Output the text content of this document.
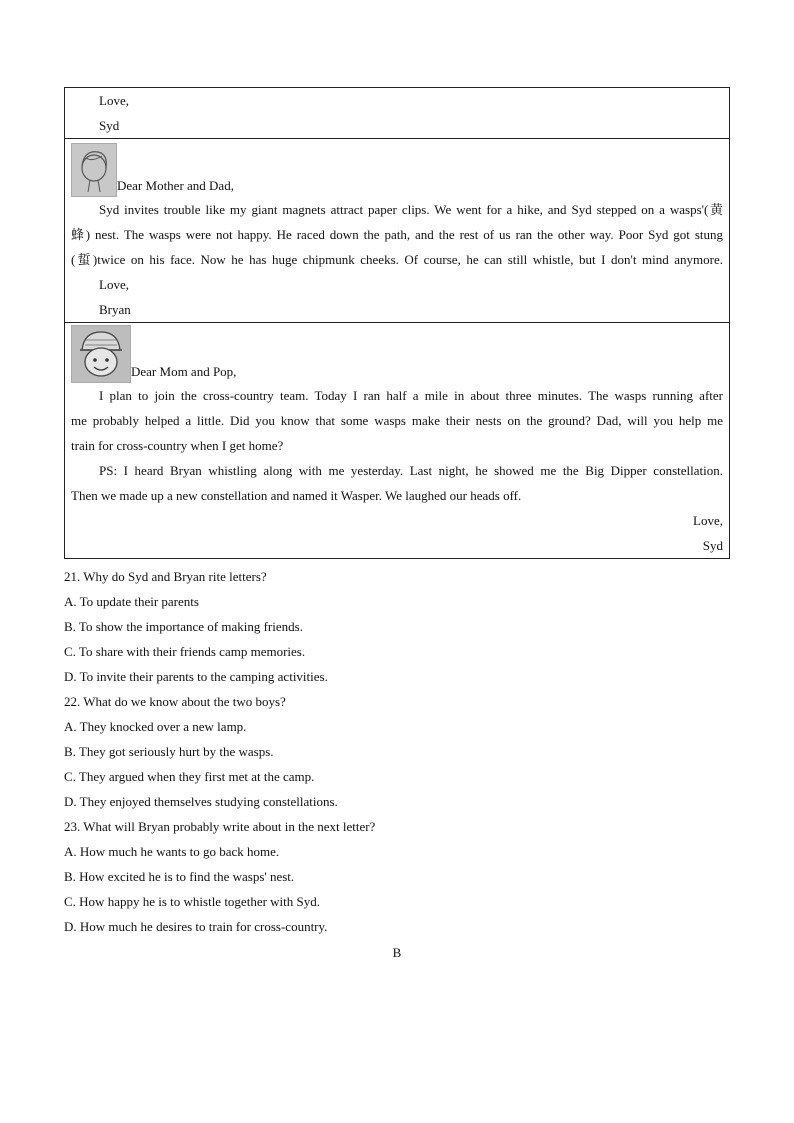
Love,
Syd
Dear Mother and Dad,
Syd invites trouble like my giant magnets attract paper clips. We went for a hike, and Syd stepped on a wasps'(黄
蜂) nest. The wasps were not happy. He raced down the path, and the rest of us ran the other way. Poor Syd got stung
(蜇)twice on his face. Now he has huge chipmunk cheeks. Of course, he can still whistle, but I don't mind anymore.
Love,
Bryan
Dear Mom and Pop,
I plan to join the cross-country team. Today I ran half a mile in about three minutes. The wasps running after
me probably helped a little. Did you know that some wasps make their nests on the ground? Dad, will you help me
train for cross-country when I get home?
PS: I heard Bryan whistling along with me yesterday. Last night, he showed me the Big Dipper constellation.
Then we made up a new constellation and named it Wasper. We laughed our heads off.
Love,
Syd
21. Why do Syd and Bryan rite letters?
A. To update their parents
B. To show the importance of making friends.
C. To share with their friends camp memories.
D. To invite their parents to the camping activities.
22. What do we know about the two boys?
A. They knocked over a new lamp.
B. They got seriously hurt by the wasps.
C. They argued when they first met at the camp.
D. They enjoyed themselves studying constellations.
23. What will Bryan probably write about in the next letter?
A. How much he wants to go back home.
B. How excited he is to find the wasps' nest.
C. How happy he is to whistle together with Syd.
D. How much he desires to train for cross-country.
B
